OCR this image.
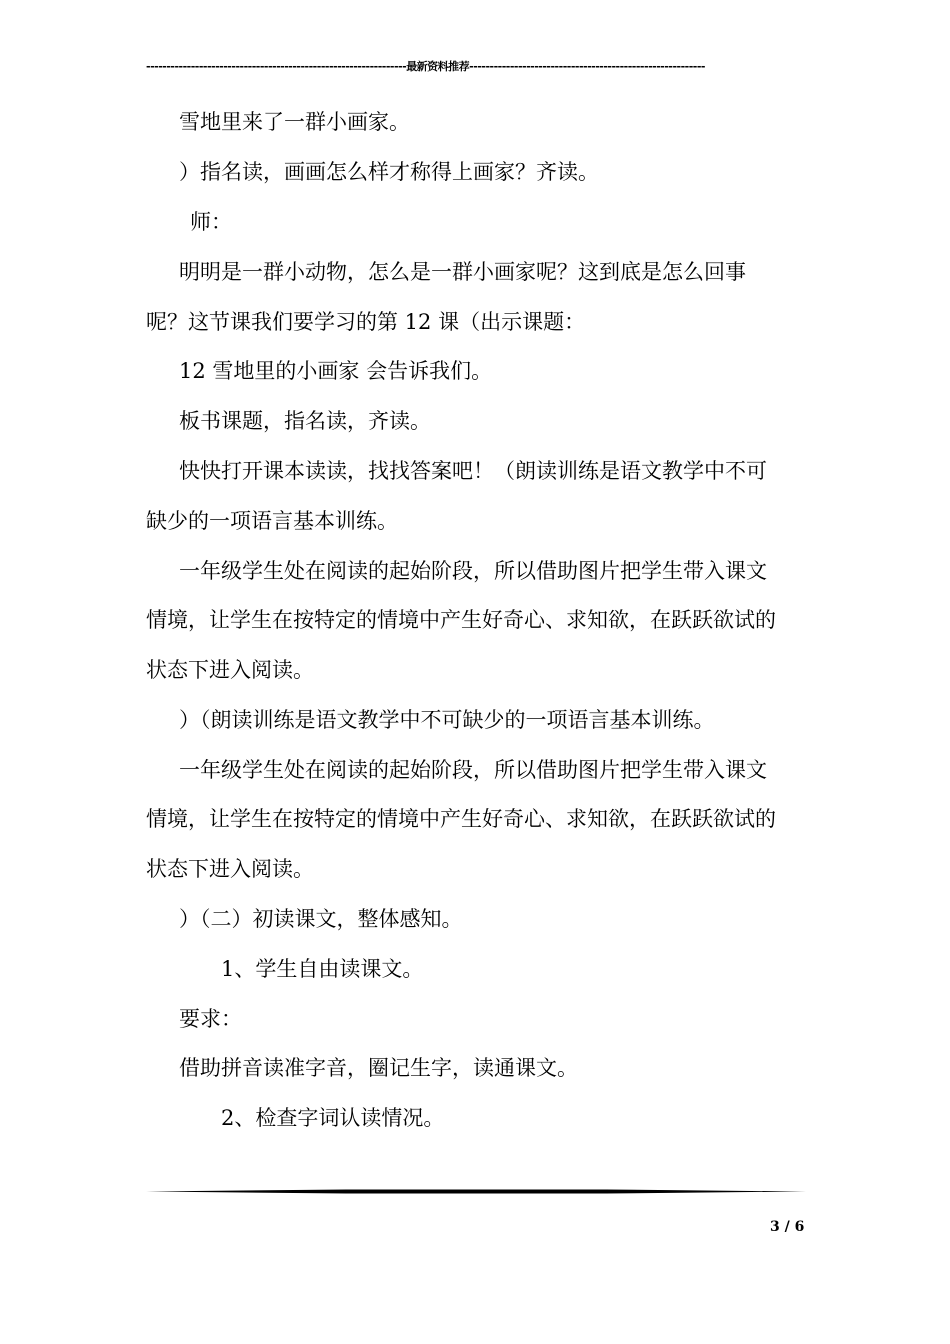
----------------------------------------------------------------最新资料推荐----------------------------------------------------------
雪地里来了一群小画家。
）指名读，画画怎么样才称得上画家？齐读。
师：
明明是一群小动物，怎么是一群小画家呢？这到底是怎么回事
呢？这节课我们要学习的第 12 课（出示课题：
12 雪地里的小画家 会告诉我们。
板书课题，指名读，齐读。
快快打开课本读读，找找答案吧！（朗读训练是语文教学中不可
缺少的一项语言基本训练。
一年级学生处在阅读的起始阶段，所以借助图片把学生带入课文
情境，让学生在按特定的情境中产生好奇心、求知欲，在跃跃欲试的
状态下进入阅读。
）（朗读训练是语文教学中不可缺少的一项语言基本训练。
一年级学生处在阅读的起始阶段，所以借助图片把学生带入课文
情境，让学生在按特定的情境中产生好奇心、求知欲，在跃跃欲试的
状态下进入阅读。
）（二）初读课文，整体感知。
1、学生自由读课文。
要求：
借助拼音读准字音，圈记生字，读通课文。
2、检查字词认读情况。
3 / 6
